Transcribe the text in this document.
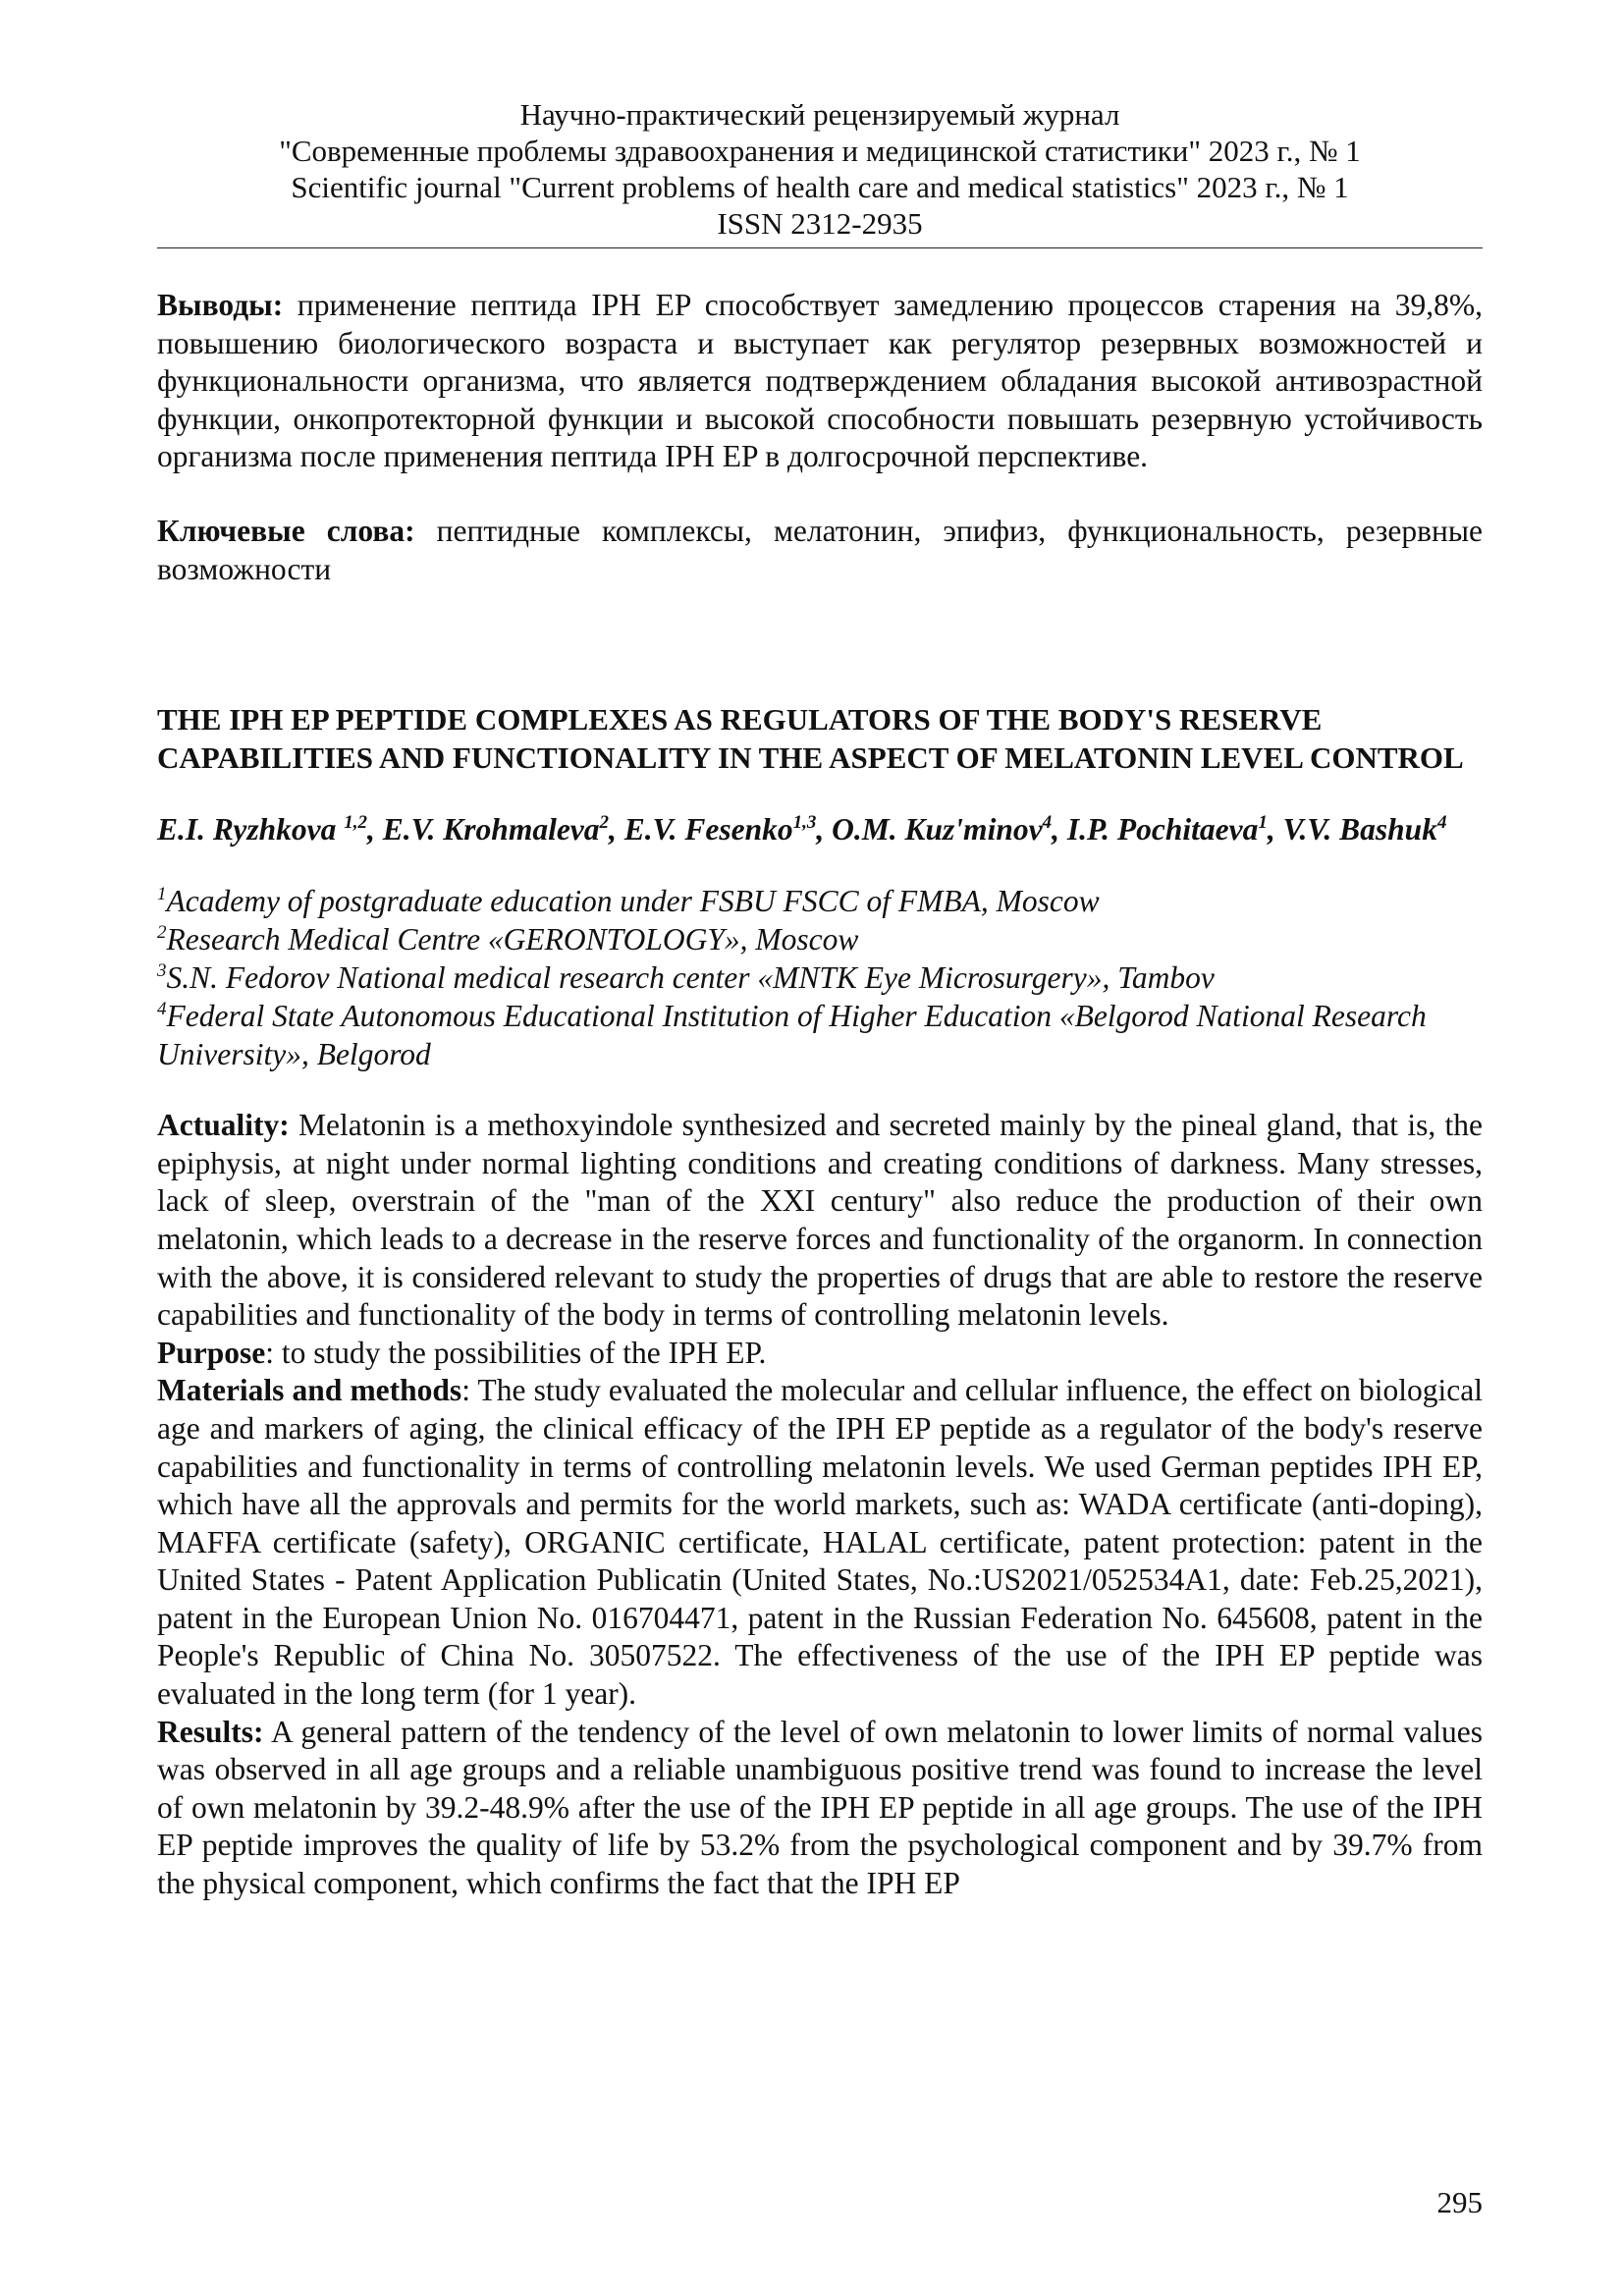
Научно-практический рецензируемый журнал
"Современные проблемы здравоохранения и медицинской статистики" 2023 г., № 1
Scientific journal "Current problems of health care and medical statistics" 2023 г., № 1
ISSN 2312-2935

Выводы: применение пептида IPH EP способствует замедлению процессов старения на 39,8%, повышению биологического возраста и выступает как регулятор резервных возможностей и функциональности организма, что является подтверждением обладания высокой антивозрастной функции, онкопротекторной функции и высокой способности повышать резервную устойчивость организма после применения пептида IPH EP в долгосрочной перспективе.

Ключевые слова: пептидные комплексы, мелатонин, эпифиз, функциональность, резервные возможности

THE IPH EP PEPTIDE COMPLEXES AS REGULATORS OF THE BODY'S RESERVE CAPABILITIES AND FUNCTIONALITY IN THE ASPECT OF MELATONIN LEVEL CONTROL

E.I. Ryzhkova $^{1,2}$, E.V. Krohmaleva$^2$, E.V. Fesenko$^{1,3}$, O.M. Kuz'minov$^4$, I.P. Pochitaeva$^1$, V.V. Bashuk$^4$

$^1$Academy of postgraduate education under FSBU FSCC of FMBA, Moscow

$^2$Research Medical Centre «GERONTOLOGY», Moscow

$^3$S.N. Fedorov National medical research center «MNTK Eye Microsurgery», Tambov

$^4$Federal State Autonomous Educational Institution of Higher Education «Belgorod National Research University», Belgorod

Actuality: Melatonin is a methoxyindole synthesized and secreted mainly by the pineal gland, that is, the epiphysis, at night under normal lighting conditions and creating conditions of darkness. Many stresses, lack of sleep, overstrain of the "man of the XXI century" also reduce the production of their own melatonin, which leads to a decrease in the reserve forces and functionality of the organorm. In connection with the above, it is considered relevant to study the properties of drugs that are able to restore the reserve capabilities and functionality of the body in terms of controlling melatonin levels.

Purpose: to study the possibilities of the IPH EP.

Materials and methods: The study evaluated the molecular and cellular influence, the effect on biological age and markers of aging, the clinical efficacy of the IPH EP peptide as a regulator of the body's reserve capabilities and functionality in terms of controlling melatonin levels. We used German peptides IPH EP, which have all the approvals and permits for the world markets, such as: WADA certificate (anti-doping), MAFFA certificate (safety), ORGANIC certificate, HALAL certificate, patent protection: patent in the United States - Patent Application Publicatin (United States, No.:US2021/052534A1, date: Feb.25,2021), patent in the European Union No. 016704471, patent in the Russian Federation No. 645608, patent in the People's Republic of China No. 30507522. The effectiveness of the use of the IPH EP peptide was evaluated in the long term (for 1 year).

Results: A general pattern of the tendency of the level of own melatonin to lower limits of normal values was observed in all age groups and a reliable unambiguous positive trend was found to increase the level of own melatonin by 39.2-48.9% after the use of the IPH EP peptide in all age groups. The use of the IPH EP peptide improves the quality of life by 53.2% from the psychological component and by 39.7% from the physical component, which confirms the fact that the IPH EP

295
